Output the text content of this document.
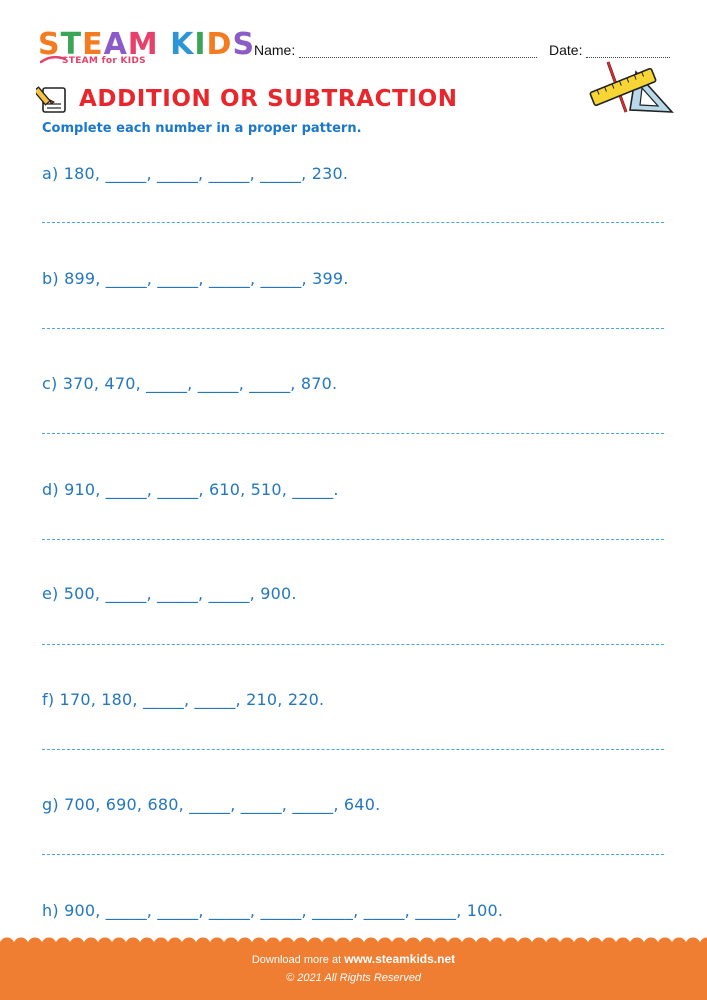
STEAM KIDS
STEAM for KIDS
Name:	Date:
ADDITION OR SUBTRACTION
Complete each number in a proper pattern.
a) 180, _____, _____, _____, _____, 230.
b) 899, _____, _____, _____, _____, 399.
c) 370, 470, _____, _____, _____, 870.
d) 910, _____, _____, 610, 510, _____.
e) 500, _____, _____, _____, 900.
f) 170, 180, _____, _____, 210, 220.
g) 700, 690, 680, _____, _____, _____, 640.
h) 900, _____, _____, _____, _____, _____, _____, _____, 100.
Download more at www.steamkids.net
© 2021 All Rights Reserved
